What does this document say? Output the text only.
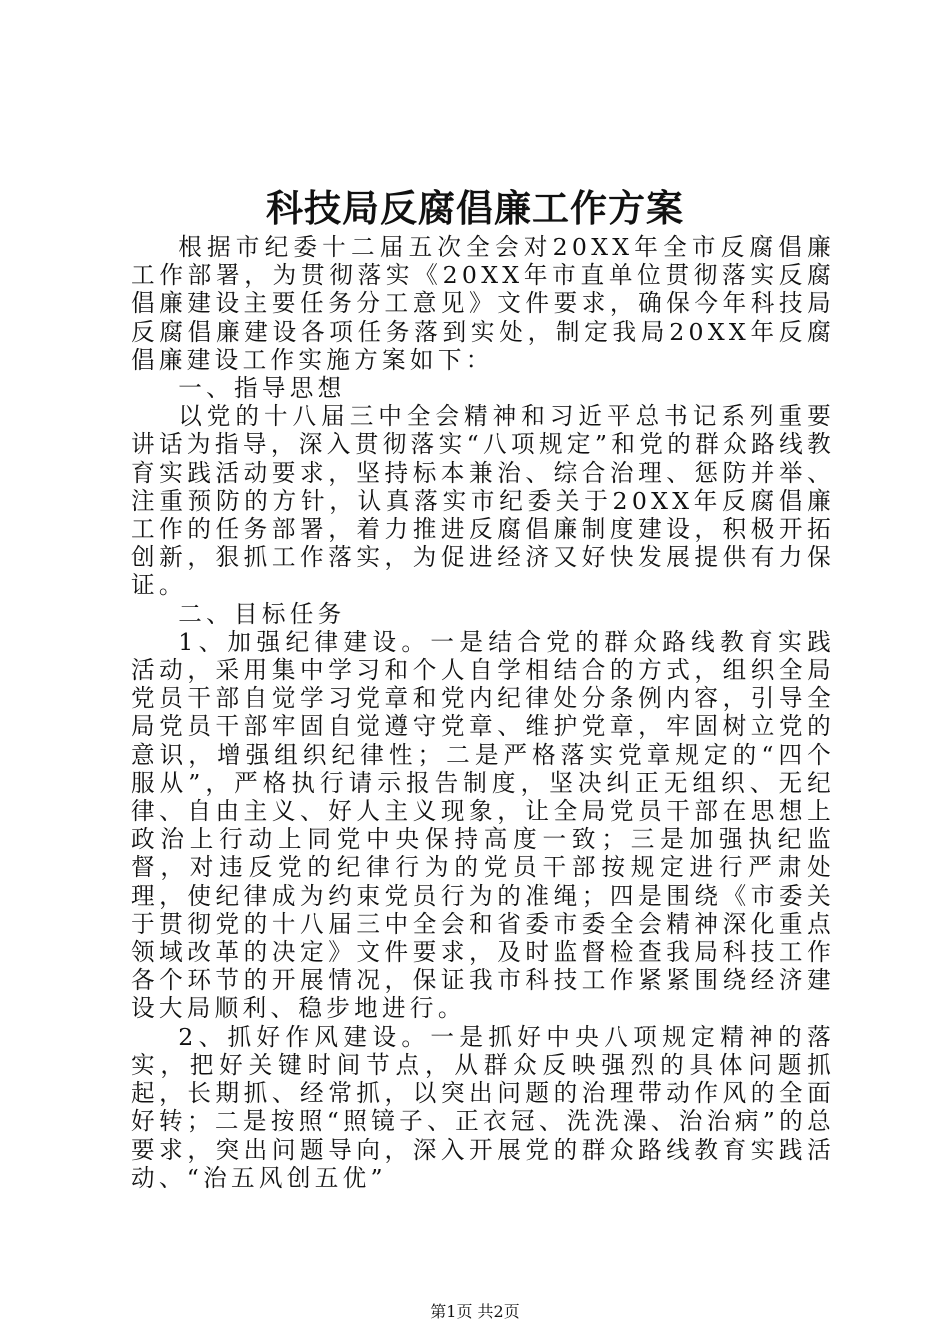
科技局反腐倡廉工作方案

根据市纪委十二届五次全会对20XX年全市反腐倡廉工作部署，为贯彻落实《20XX年市直单位贯彻落实反腐倡廉建设主要任务分工意见》文件要求，确保今年科技局反腐倡廉建设各项任务落到实处，制定我局20XX年反腐倡廉建设工作实施方案如下：

一、指导思想

以党的十八届三中全会精神和习近平总书记系列重要讲话为指导，深入贯彻落实“八项规定”和党的群众路线教育实践活动要求，坚持标本兼治、综合治理、惩防并举、注重预防的方针，认真落实市纪委关于20XX年反腐倡廉工作的任务部署，着力推进反腐倡廉制度建设，积极开拓创新，狠抓工作落实，为促进经济又好快发展提供有力保证。

二、目标任务

1、加强纪律建设。一是结合党的群众路线教育实践活动，采用集中学习和个人自学相结合的方式，组织全局党员干部自觉学习党章和党内纪律处分条例内容，引导全局党员干部牢固自觉遵守党章、维护党章，牢固树立党的意识，增强组织纪律性；二是严格落实党章规定的“四个服从”，严格执行请示报告制度，坚决纠正无组织、无纪律、自由主义、好人主义现象，让全局党员干部在思想上政治上行动上同党中央保持高度一致；三是加强执纪监督，对违反党的纪律行为的党员干部按规定进行严肃处理，使纪律成为约束党员行为的准绳；四是围绕《市委关于贯彻党的十八届三中全会和省委市委全会精神深化重点领域改革的决定》文件要求，及时监督检查我局科技工作各个环节的开展情况，保证我市科技工作紧紧围绕经济建设大局顺利、稳步地进行。

2、抓好作风建设。一是抓好中央八项规定精神的落实，把好关键时间节点，从群众反映强烈的具体问题抓起，长期抓、经常抓，以突出问题的治理带动作风的全面好转；二是按照“照镜子、正衣冠、洗洗澡、治治病”的总要求，突出问题导向，深入开展党的群众路线教育实践活动、“治五风创五优”

第1页 共2页
